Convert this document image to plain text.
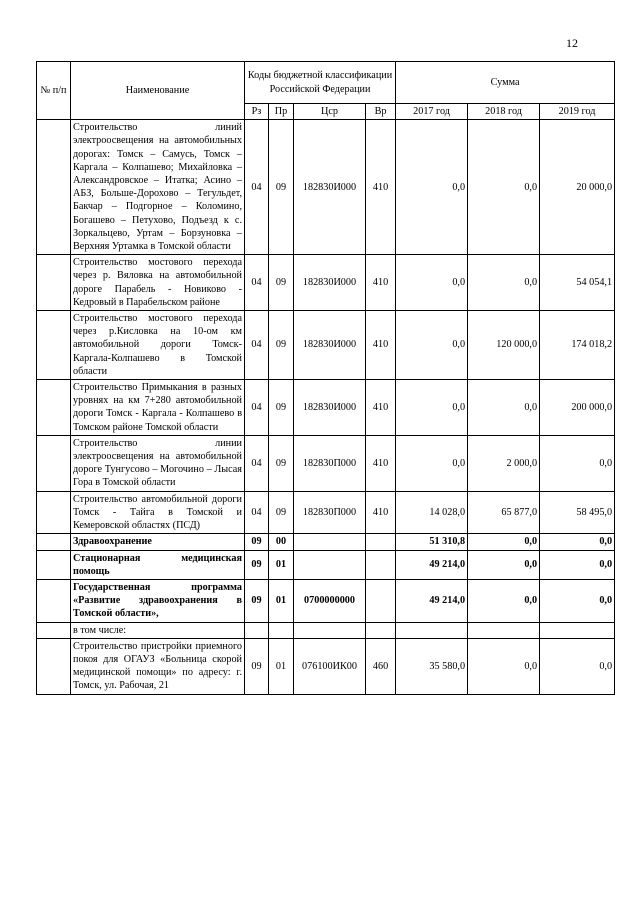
12
№ п/п	Наименование	Коды бюджетной классификации Российской Федерации				Сумма		
		Рз	Пр	Цср	Вр	2017 год	2018 год	2019 год
	Строительство линий электроосвещения на автомобильных дорогах: Томск – Самусь, Томск – Каргала – Колпашево; Михайловка – Александровское – Итатка; Асино – АБЗ, Больше-Дорохово – Тегульдет, Бакчар – Подгорное – Коломино, Богашево – Петухово, Подъезд к с. Зоркальцево, Уртам – Борзуновка – Верхняя Уртамка в Томской области	04	09	182830И000	410	0,0	0,0	20 000,0
	Строительство мостового перехода через р. Вяловка на автомобильной дороге Парабель - Новиково - Кедровый в Парабельском районе	04	09	182830И000	410	0,0	0,0	54 054,1
	Строительство мостового перехода через р.Кисловка на 10-ом км автомобильной дороги Томск-Каргала-Колпашево в Томской области	04	09	182830И000	410	0,0	120 000,0	174 018,2
	Строительство Примыкания в разных уровнях на км 7+280 автомобильной дороги Томск - Каргала - Колпашево в Томском районе Томской области	04	09	182830И000	410	0,0	0,0	200 000,0
	Строительство линии электроосвещения на автомобильной дороге Тунгусово – Могочино – Лысая Гора в Томской области	04	09	182830П000	410	0,0	2 000,0	0,0
	Строительство автомобильной дороги Томск - Тайга в Томской и Кемеровской областях (ПСД)	04	09	182830П000	410	14 028,0	65 877,0	58 495,0
	Здравоохранение	09	00			51 310,8	0,0	0,0
	Стационарная медицинская помощь	09	01			49 214,0	0,0	0,0
	Государственная программа «Развитие здравоохранения в Томской области»,	09	01	0700000000		49 214,0	0,0	0,0
	в том числе:							
	Строительство пристройки приемного покоя для ОГАУЗ «Больница скорой медицинской помощи» по адресу: г. Томск, ул. Рабочая, 21	09	01	076100ИК00	460	35 580,0	0,0	0,0
